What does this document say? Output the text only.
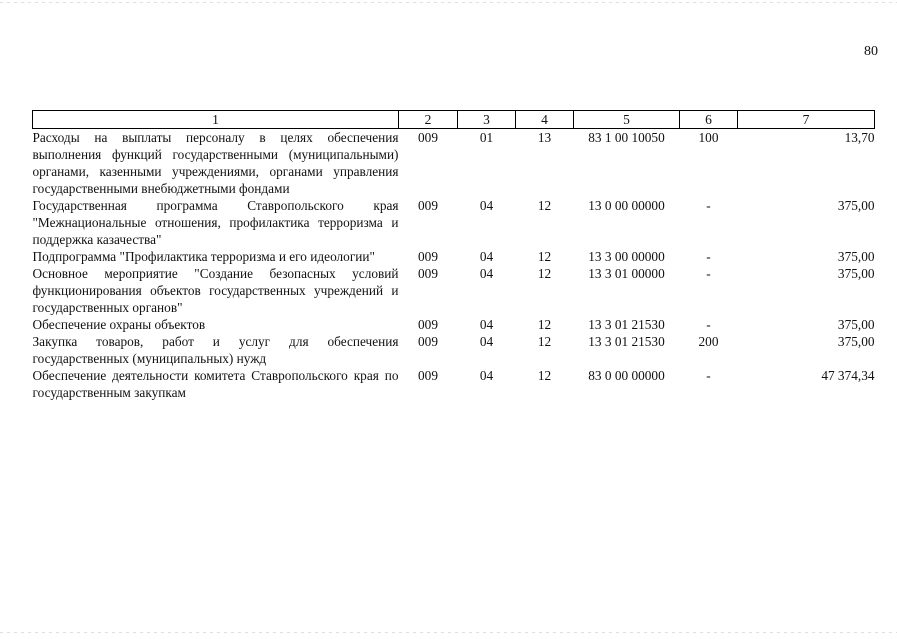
80
1	2	3	4	5	6	7
Расходы на выплаты персоналу в целях обеспечения выполнения функций государственными (муниципальными) органами, казенными учреждениями, органами управления государственными внебюджетными фондами	009	01	13	83 1 00 10050	100	13,70
Государственная программа Ставропольского края "Межнациональные отношения, профилактика терроризма и поддержка казачества"	009	04	12	13 0 00 00000	-	375,00
Подпрограмма "Профилактика терроризма и его идеологии"	009	04	12	13 3 00 00000	-	375,00
Основное мероприятие "Создание безопасных условий функционирования объектов государственных учреждений и государственных органов"	009	04	12	13 3 01 00000	-	375,00
Обеспечение охраны объектов	009	04	12	13 3 01 21530	-	375,00
Закупка товаров, работ и услуг для обеспечения государственных (муниципальных) нужд	009	04	12	13 3 01 21530	200	375,00
Обеспечение деятельности комитета Ставропольского края по государственным закупкам	009	04	12	83 0 00 00000	-	47 374,34
